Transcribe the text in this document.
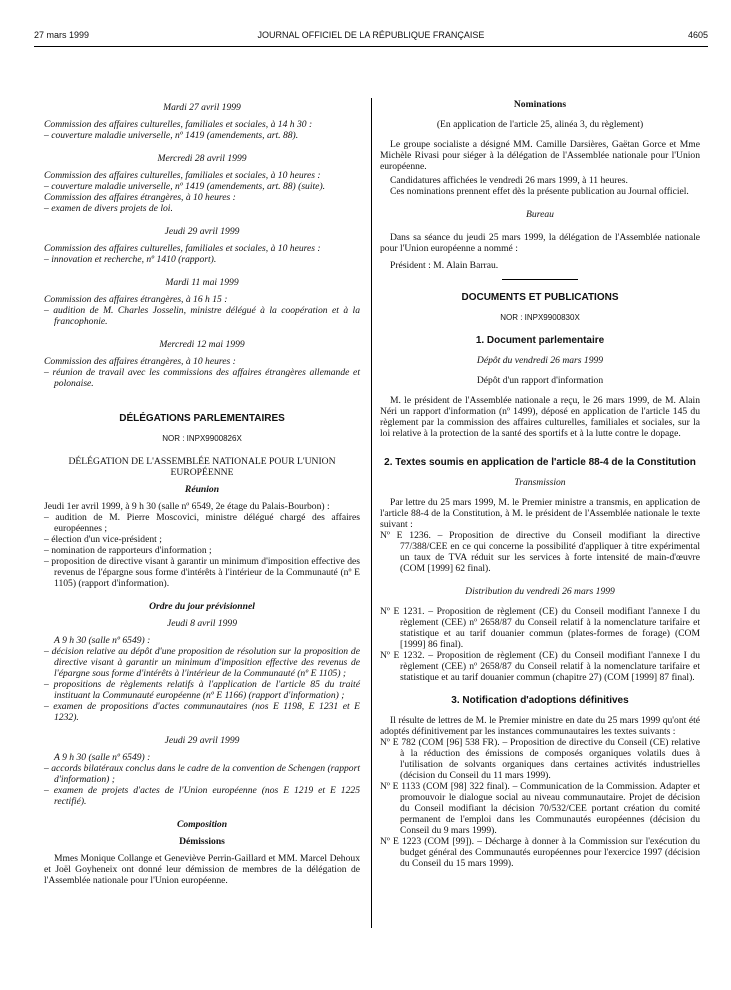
JOURNAL OFFICIEL DE LA RÉPUBLIQUE FRANÇAISE
27 mars 1999	4605

Mardi 27 avril 1999

Commission des affaires culturelles, familiales et sociales, à 14 h 30 :

– couverture maladie universelle, nº 1419 (amendements, art. 88).

Mercredi 28 avril 1999

Commission des affaires culturelles, familiales et sociales, à 10 heures :

– couverture maladie universelle, nº 1419 (amendements, art. 88) (suite).

Commission des affaires étrangères, à 10 heures :

– examen de divers projets de loi.

Jeudi 29 avril 1999

Commission des affaires culturelles, familiales et sociales, à 10 heures :

– innovation et recherche, nº 1410 (rapport).

Mardi 11 mai 1999

Commission des affaires étrangères, à 16 h 15 :

– audition de M. Charles Josselin, ministre délégué à la coopération et à la francophonie.

Mercredi 12 mai 1999

Commission des affaires étrangères, à 10 heures :

– réunion de travail avec les commissions des affaires étrangères allemande et polonaise.

DÉLÉGATIONS PARLEMENTAIRES

NOR : INPX9900826X

DÉLÉGATION DE L'ASSEMBLÉE NATIONALE POUR L'UNION EUROPÉENNE

Réunion

Jeudi 1er avril 1999, à 9 h 30 (salle nº 6549, 2e étage du Palais-Bourbon) :

– audition de M. Pierre Moscovici, ministre délégué chargé des affaires européennes ;

– élection d'un vice-président ;

– nomination de rapporteurs d'information ;

– proposition de directive visant à garantir un minimum d'imposition effective des revenus de l'épargne sous forme d'intérêts à l'intérieur de la Communauté (nº E 1105) (rapport d'information).

Ordre du jour prévisionnel

Jeudi 8 avril 1999

A 9 h 30 (salle nº 6549) :

– décision relative au dépôt d'une proposition de résolution sur la proposition de directive visant à garantir un minimum d'imposition effective des revenus de l'épargne sous forme d'intérêts à l'intérieur de la Communauté (nº E 1105) ;

– propositions de règlements relatifs à l'application de l'article 85 du traité instituant la Communauté européenne (nº E 1166) (rapport d'information) ;

– examen de propositions d'actes communautaires (nos E 1198, E 1231 et E 1232).

Jeudi 29 avril 1999

A 9 h 30 (salle nº 6549) :

– accords bilatéraux conclus dans le cadre de la convention de Schengen (rapport d'information) ;

– examen de projets d'actes de l'Union européenne (nos E 1219 et E 1225 rectifié).

Composition

Démissions

Mmes Monique Collange et Geneviève Perrin-Gaillard et MM. Marcel Dehoux et Joël Goyheneix ont donné leur démission de membres de la délégation de l'Assemblée nationale pour l'Union européenne.

Nominations

(En application de l'article 25, alinéa 3, du règlement)

Le groupe socialiste a désigné MM. Camille Darsières, Gaëtan Gorce et Mme Michèle Rivasi pour siéger à la délégation de l'Assemblée nationale pour l'Union européenne.

Candidatures affichées le vendredi 26 mars 1999, à 11 heures.

Ces nominations prennent effet dès la présente publication au Journal officiel.

Bureau

Dans sa séance du jeudi 25 mars 1999, la délégation de l'Assemblée nationale pour l'Union européenne a nommé :

Président : M. Alain Barrau.

DOCUMENTS ET PUBLICATIONS

NOR : INPX9900830X

1. Document parlementaire

Dépôt du vendredi 26 mars 1999

Dépôt d'un rapport d'information

M. le président de l'Assemblée nationale a reçu, le 26 mars 1999, de M. Alain Néri un rapport d'information (nº 1499), déposé en application de l'article 145 du règlement par la commission des affaires culturelles, familiales et sociales, sur la loi relative à la protection de la santé des sportifs et à la lutte contre le dopage.

2. Textes soumis en application de l'article 88-4 de la Constitution

Transmission

Par lettre du 25 mars 1999, M. le Premier ministre a transmis, en application de l'article 88-4 de la Constitution, à M. le président de l'Assemblée nationale le texte suivant :

Nº E 1236. – Proposition de directive du Conseil modifiant la directive 77/388/CEE en ce qui concerne la possibilité d'appliquer à titre expérimental un taux de TVA réduit sur les services à forte intensité de main-d'œuvre (COM [1999] 62 final).

Distribution du vendredi 26 mars 1999

Nº E 1231. – Proposition de règlement (CE) du Conseil modifiant l'annexe I du règlement (CEE) nº 2658/87 du Conseil relatif à la nomenclature tarifaire et statistique et au tarif douanier commun (plates-formes de forage) (COM [1999] 86 final).

Nº E 1232. – Proposition de règlement (CE) du Conseil modifiant l'annexe I du règlement (CEE) nº 2658/87 du Conseil relatif à la nomenclature tarifaire et statistique et au tarif douanier commun (chapitre 27) (COM [1999] 87 final).

3. Notification d'adoptions définitives

Il résulte de lettres de M. le Premier ministre en date du 25 mars 1999 qu'ont été adoptés définitivement par les instances communautaires les textes suivants :

Nº E 782 (COM [96] 538 FR). – Proposition de directive du Conseil (CE) relative à la réduction des émissions de composés organiques volatils dues à l'utilisation de solvants organiques dans certaines activités industrielles (décision du Conseil du 11 mars 1999).

Nº E 1133 (COM [98] 322 final). – Communication de la Commission. Adapter et promouvoir le dialogue social au niveau communautaire. Projet de décision du Conseil modifiant la décision 70/532/CEE portant création du comité permanent de l'emploi dans les Communautés européennes (décision du Conseil du 9 mars 1999).

Nº E 1223 (COM [99]). – Décharge à donner à la Commission sur l'exécution du budget général des Communautés européennes pour l'exercice 1997 (décision du Conseil du 15 mars 1999).
